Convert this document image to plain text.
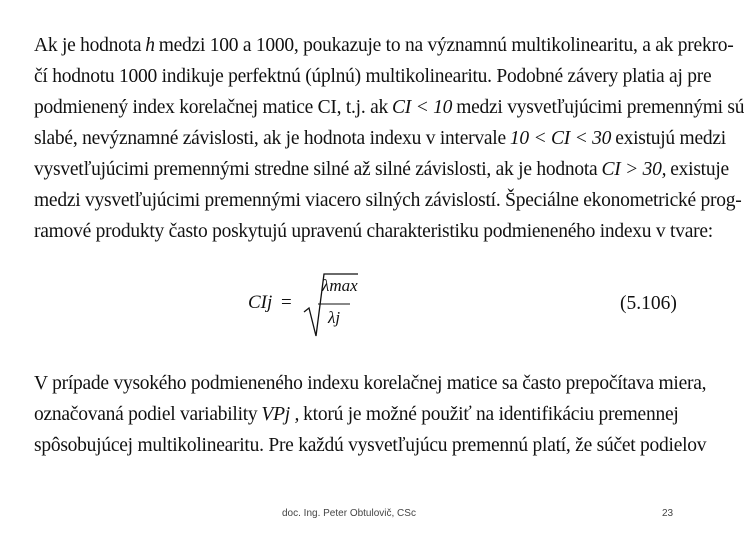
Ak je hodnota h medzi 100 a 1000, poukazuje to na významnú multikolinearitu, a ak prekro-
čí hodnotu 1000 indikuje perfektnú (úplnú) multikolinearitu. Podobné závery platia aj pre
podmienený index korelačnej matice CI, t.j. ak CI < 10 medzi vysvetľujúcimi premennými sú
slabé, nevýznamné závislosti, ak je hodnota indexu v intervale 10 < CI < 30 existujú medzi
vysvetľujúcimi premennými stredne silné až silné závislosti, ak je hodnota CI > 30, existuje
medzi vysvetľujúcimi premennými viacero silných závislostí. Špeciálne ekonometrické prog-
ramové produkty často poskytujú upravenú charakteristiku podmieneného indexu v tvare:
CIj =
λmax
λj
(5.106)
V prípade vysokého podmieneného indexu korelačnej matice sa často prepočítava miera,
označovaná podiel variability VPj , ktorú je možné použiť na identifikáciu premennej
spôsobujúcej multikolinearitu. Pre každú vysvetľujúcu premennú platí, že súčet podielov
doc. Ing. Peter Obtulovič, CSc	23
